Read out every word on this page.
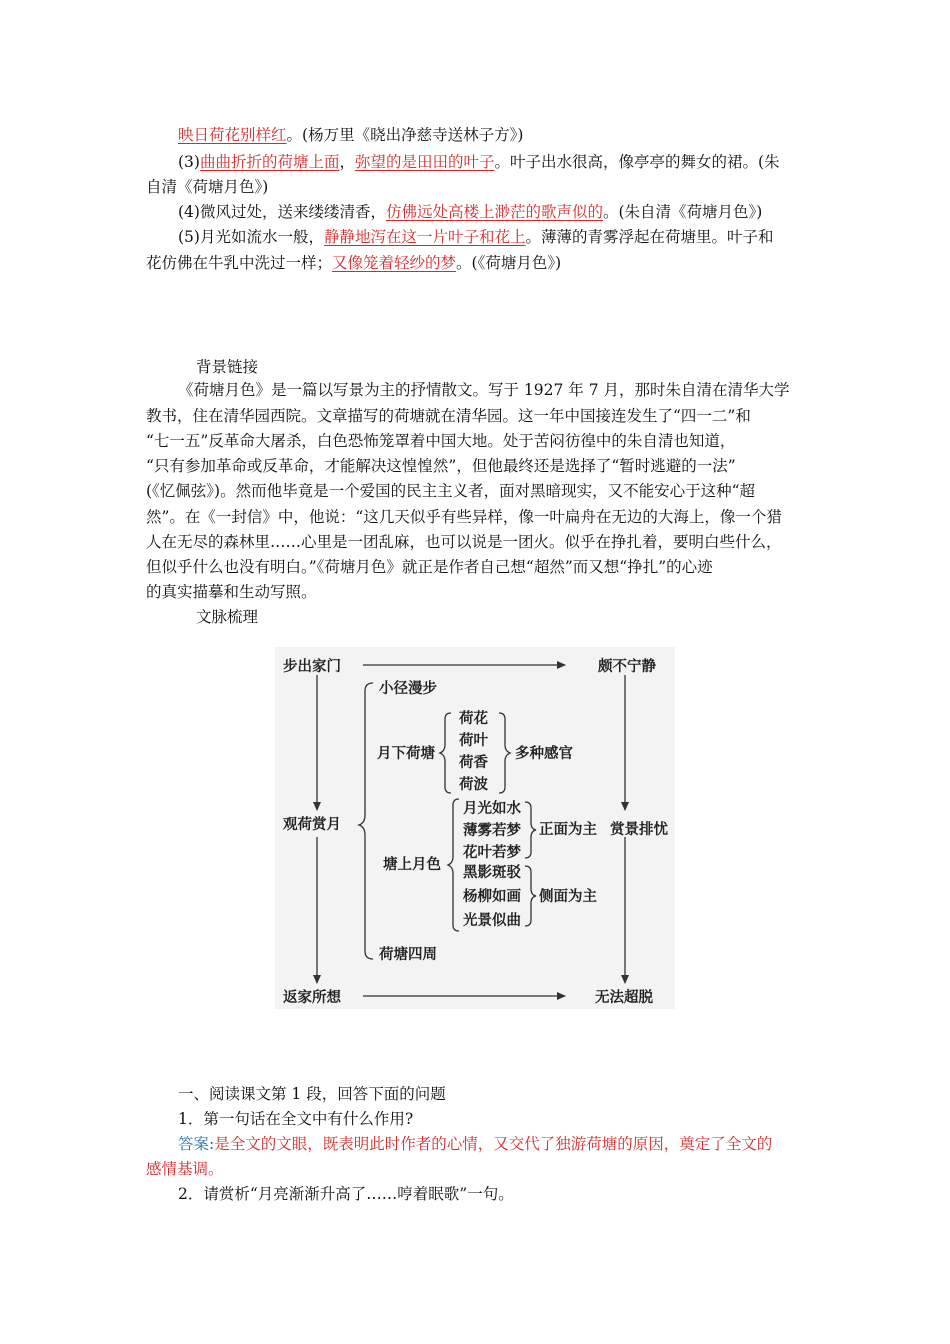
映日荷花别样红。(杨万里《晓出净慈寺送林子方》)
(3)曲曲折折的荷塘上面，弥望的是田田的叶子。叶子出水很高，像亭亭的舞女的裙。(朱
自清《荷塘月色》)
(4)微风过处，送来缕缕清香，仿佛远处高楼上渺茫的歌声似的。(朱自清《荷塘月色》)
(5)月光如流水一般，静静地泻在这一片叶子和花上。薄薄的青雾浮起在荷塘里。叶子和
花仿佛在牛乳中洗过一样；又像笼着轻纱的梦。(《荷塘月色》)
背景链接
《荷塘月色》是一篇以写景为主的抒情散文。写于 1927 年 7 月，那时朱自清在清华大学
教书，住在清华园西院。文章描写的荷塘就在清华园。这一年中国接连发生了“四一二”和
“七一五”反革命大屠杀，白色恐怖笼罩着中国大地。处于苦闷彷徨中的朱自清也知道，
“只有参加革命或反革命，才能解决这惶惶然”，但他最终还是选择了“暂时逃避的一法”
(《忆佩弦》)。然而他毕竟是一个爱国的民主主义者，面对黑暗现实，又不能安心于这种“超
然”。在《一封信》中，他说：“这几天似乎有些异样，像一叶扁舟在无边的大海上，像一个猎
人在无尽的森林里……心里是一团乱麻，也可以说是一团火。似乎在挣扎着，要明白些什么，
但似乎什么也没有明白。”《荷塘月色》就正是作者自己想“超然”而又想“挣扎”的心迹
的真实描摹和生动写照。
文脉梳理
步出家门	颇不宁静
小径漫步
月下荷塘
荷花
荷叶
荷香
荷波
多种感官
观荷赏月	赏景排忧
月光如水
薄雾若梦
花叶若梦
正面为主
塘上月色 黑影斑驳
杨柳如画
光景似曲
侧面为主
荷塘四周
返家所想	无法超脱
一、阅读课文第 1 段，回答下面的问题
1．第一句话在全文中有什么作用?
答案:是全文的文眼，既表明此时作者的心情，又交代了独游荷塘的原因，奠定了全文的
感情基调。
2．请赏析“月亮渐渐升高了……哼着眠歌”一句。
